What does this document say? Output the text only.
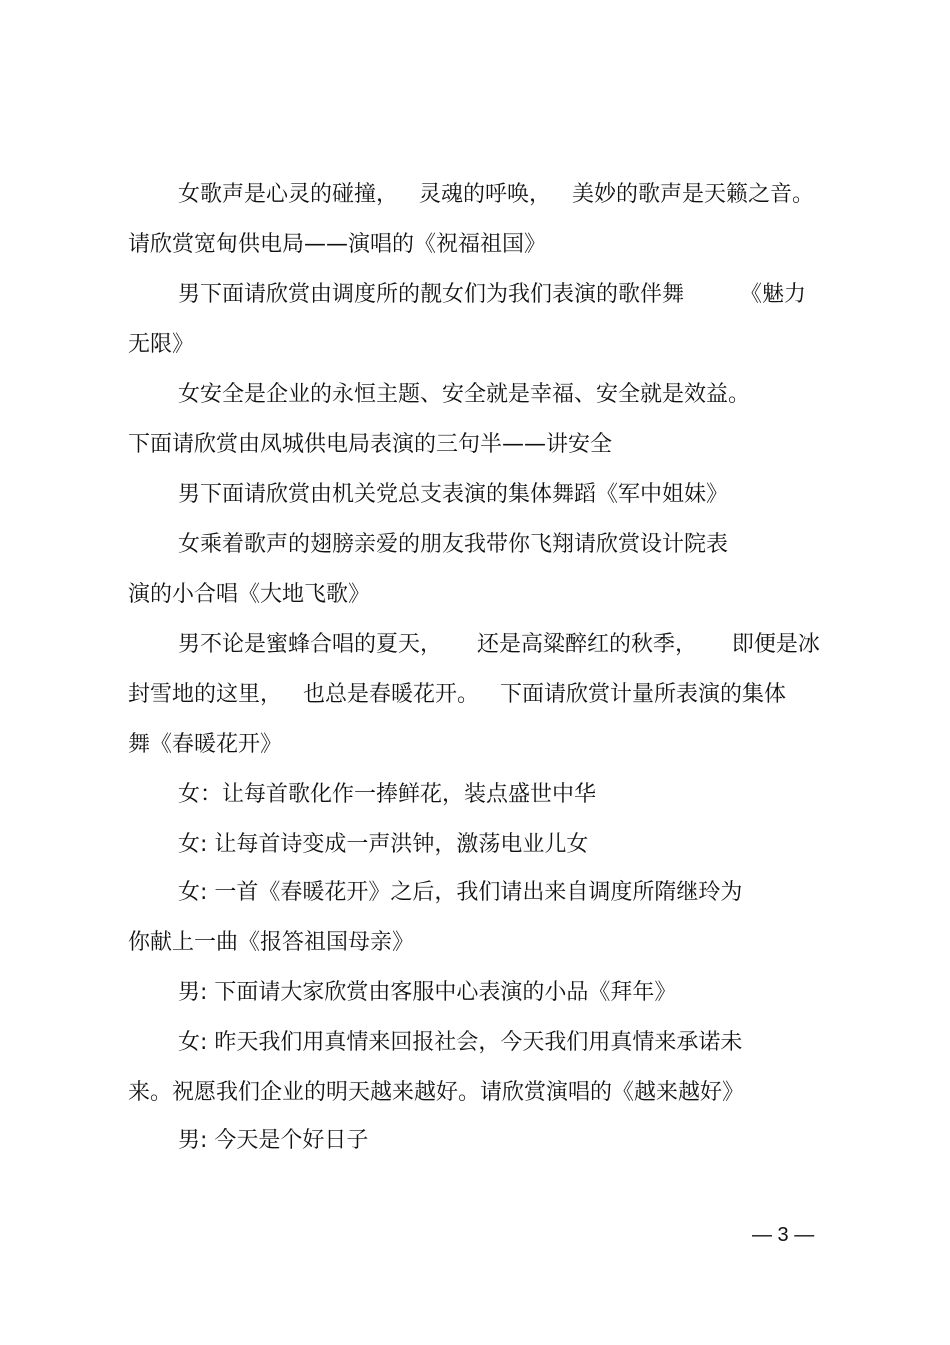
女歌声是心灵的碰撞，   灵魂的呼唤，   美妙的歌声是天籁之音。
请欣赏宽甸供电局——演唱的《祝福祖国》
男下面请欣赏由调度所的靓女们为我们表演的歌伴舞        《魅力
无限》
女安全是企业的永恒主题、安全就是幸福、安全就是效益。
下面请欣赏由凤城供电局表演的三句半——讲安全
男下面请欣赏由机关党总支表演的集体舞蹈《军中姐妹》
女乘着歌声的翅膀亲爱的朋友我带你飞翔请欣赏设计院表
演的小合唱《大地飞歌》
男不论是蜜蜂合唱的夏天，     还是高粱醉红的秋季，     即便是冰
封雪地的这里，   也总是春暖花开。   下面请欣赏计量所表演的集体
舞《春暖花开》
女：让每首歌化作一捧鲜花，装点盛世中华
女: 让每首诗变成一声洪钟，激荡电业儿女
女: 一首《春暖花开》之后，我们请出来自调度所隋继玲为
你献上一曲《报答祖国母亲》
男: 下面请大家欣赏由客服中心表演的小品《拜年》
女: 昨天我们用真情来回报社会，今天我们用真情来承诺未
来。祝愿我们企业的明天越来越好。请欣赏演唱的《越来越好》
男: 今天是个好日子
— 3 —
